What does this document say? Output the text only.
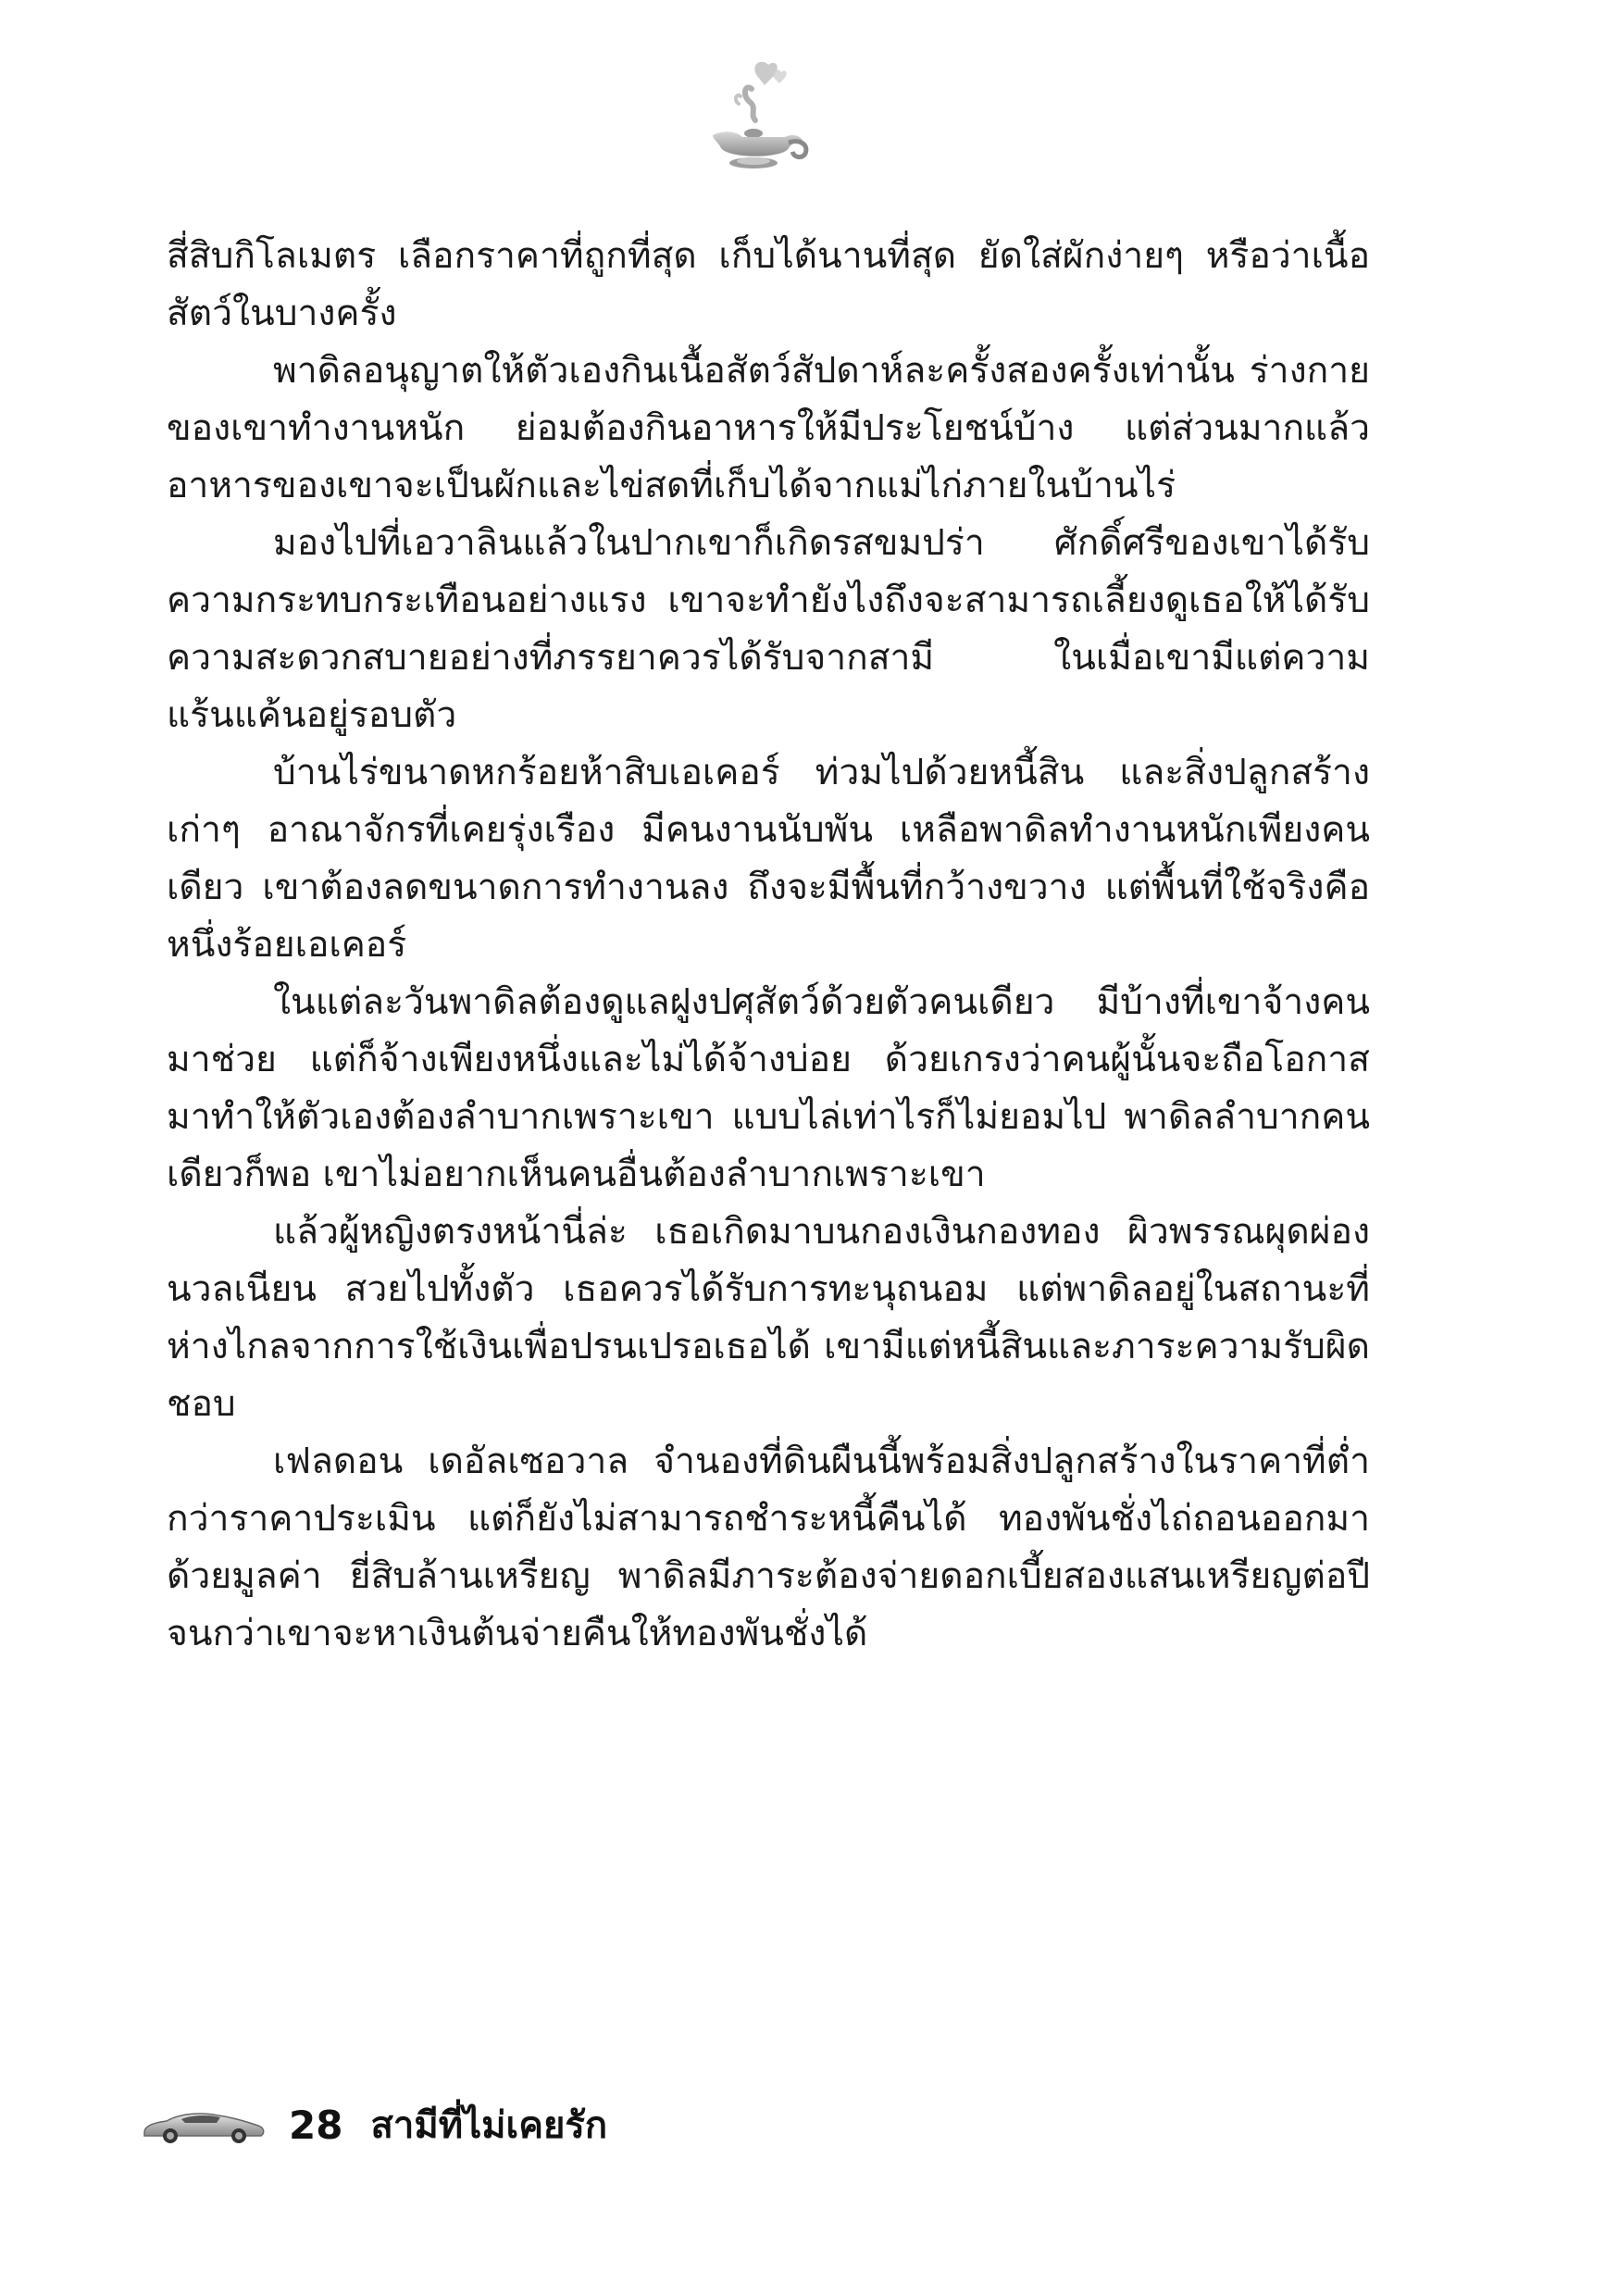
สี่สิบกิโลเมตร เลือกราคาที่ถูกที่สุด เก็บได้นานที่สุด ยัดใส่ผักง่ายๆ หรือว่าเนื้อสัตว์ในบางครั้ง

พาดิลอนุญาตให้ตัวเองกินเนื้อสัตว์สัปดาห์ละครั้งสองครั้งเท่านั้น ร่างกายของเขาทำงานหนัก ย่อมต้องกินอาหารให้มีประโยชน์บ้าง แต่ส่วนมากแล้ว อาหารของเขาจะเป็นผักและไข่สดที่เก็บได้จากแม่ไก่ภายในบ้านไร่

มองไปที่เอวาลินแล้วในปากเขาก็เกิดรสขมปร่า ศักดิ์ศรีของเขาได้รับความกระทบกระเทือนอย่างแรง เขาจะทำยังไงถึงจะสามารถเลี้ยงดูเธอให้ได้รับความสะดวกสบายอย่างที่ภรรยาควรได้รับจากสามี ในเมื่อเขามีแต่ความแร้นแค้นอยู่รอบตัว

บ้านไร่ขนาดหกร้อยห้าสิบเอเคอร์ ท่วมไปด้วยหนี้สิน และสิ่งปลูกสร้างเก่าๆ อาณาจักรที่เคยรุ่งเรือง มีคนงานนับพัน เหลือพาดิลทำงานหนักเพียงคนเดียว เขาต้องลดขนาดการทำงานลง ถึงจะมีพื้นที่กว้างขวาง แต่พื้นที่ใช้จริงคือหนึ่งร้อยเอเคอร์

ในแต่ละวันพาดิลต้องดูแลฝูงปศุสัตว์ด้วยตัวคนเดียว มีบ้างที่เขาจ้างคนมาช่วย แต่ก็จ้างเพียงหนึ่งและไม่ได้จ้างบ่อย ด้วยเกรงว่าคนผู้นั้นจะถือโอกาสมาทำให้ตัวเองต้องลำบากเพราะเขา แบบไล่เท่าไรก็ไม่ยอมไป พาดิลลำบากคนเดียวก็พอ เขาไม่อยากเห็นคนอื่นต้องลำบากเพราะเขา

แล้วผู้หญิงตรงหน้านี่ล่ะ เธอเกิดมาบนกองเงินกองทอง ผิวพรรณผุดผ่องนวลเนียน สวยไปทั้งตัว เธอควรได้รับการทะนุถนอม แต่พาดิลอยู่ในสถานะที่ห่างไกลจากการใช้เงินเพื่อปรนเปรอเธอได้ เขามีแต่หนี้สินและภาระความรับผิดชอบ

เฟลดอน เดอัลเซอวาล จำนองที่ดินผืนนี้พร้อมสิ่งปลูกสร้างในราคาที่ต่ำกว่าราคาประเมิน แต่ก็ยังไม่สามารถชำระหนี้คืนได้ ทองพันชั่งไถ่ถอนออกมาด้วยมูลค่า ยี่สิบล้านเหรียญ พาดิลมีภาระต้องจ่ายดอกเบี้ยสองแสนเหรียญต่อปี จนกว่าเขาจะหาเงินต้นจ่ายคืนให้ทองพันชั่งได้

28 สามีที่ไม่เคยรัก
